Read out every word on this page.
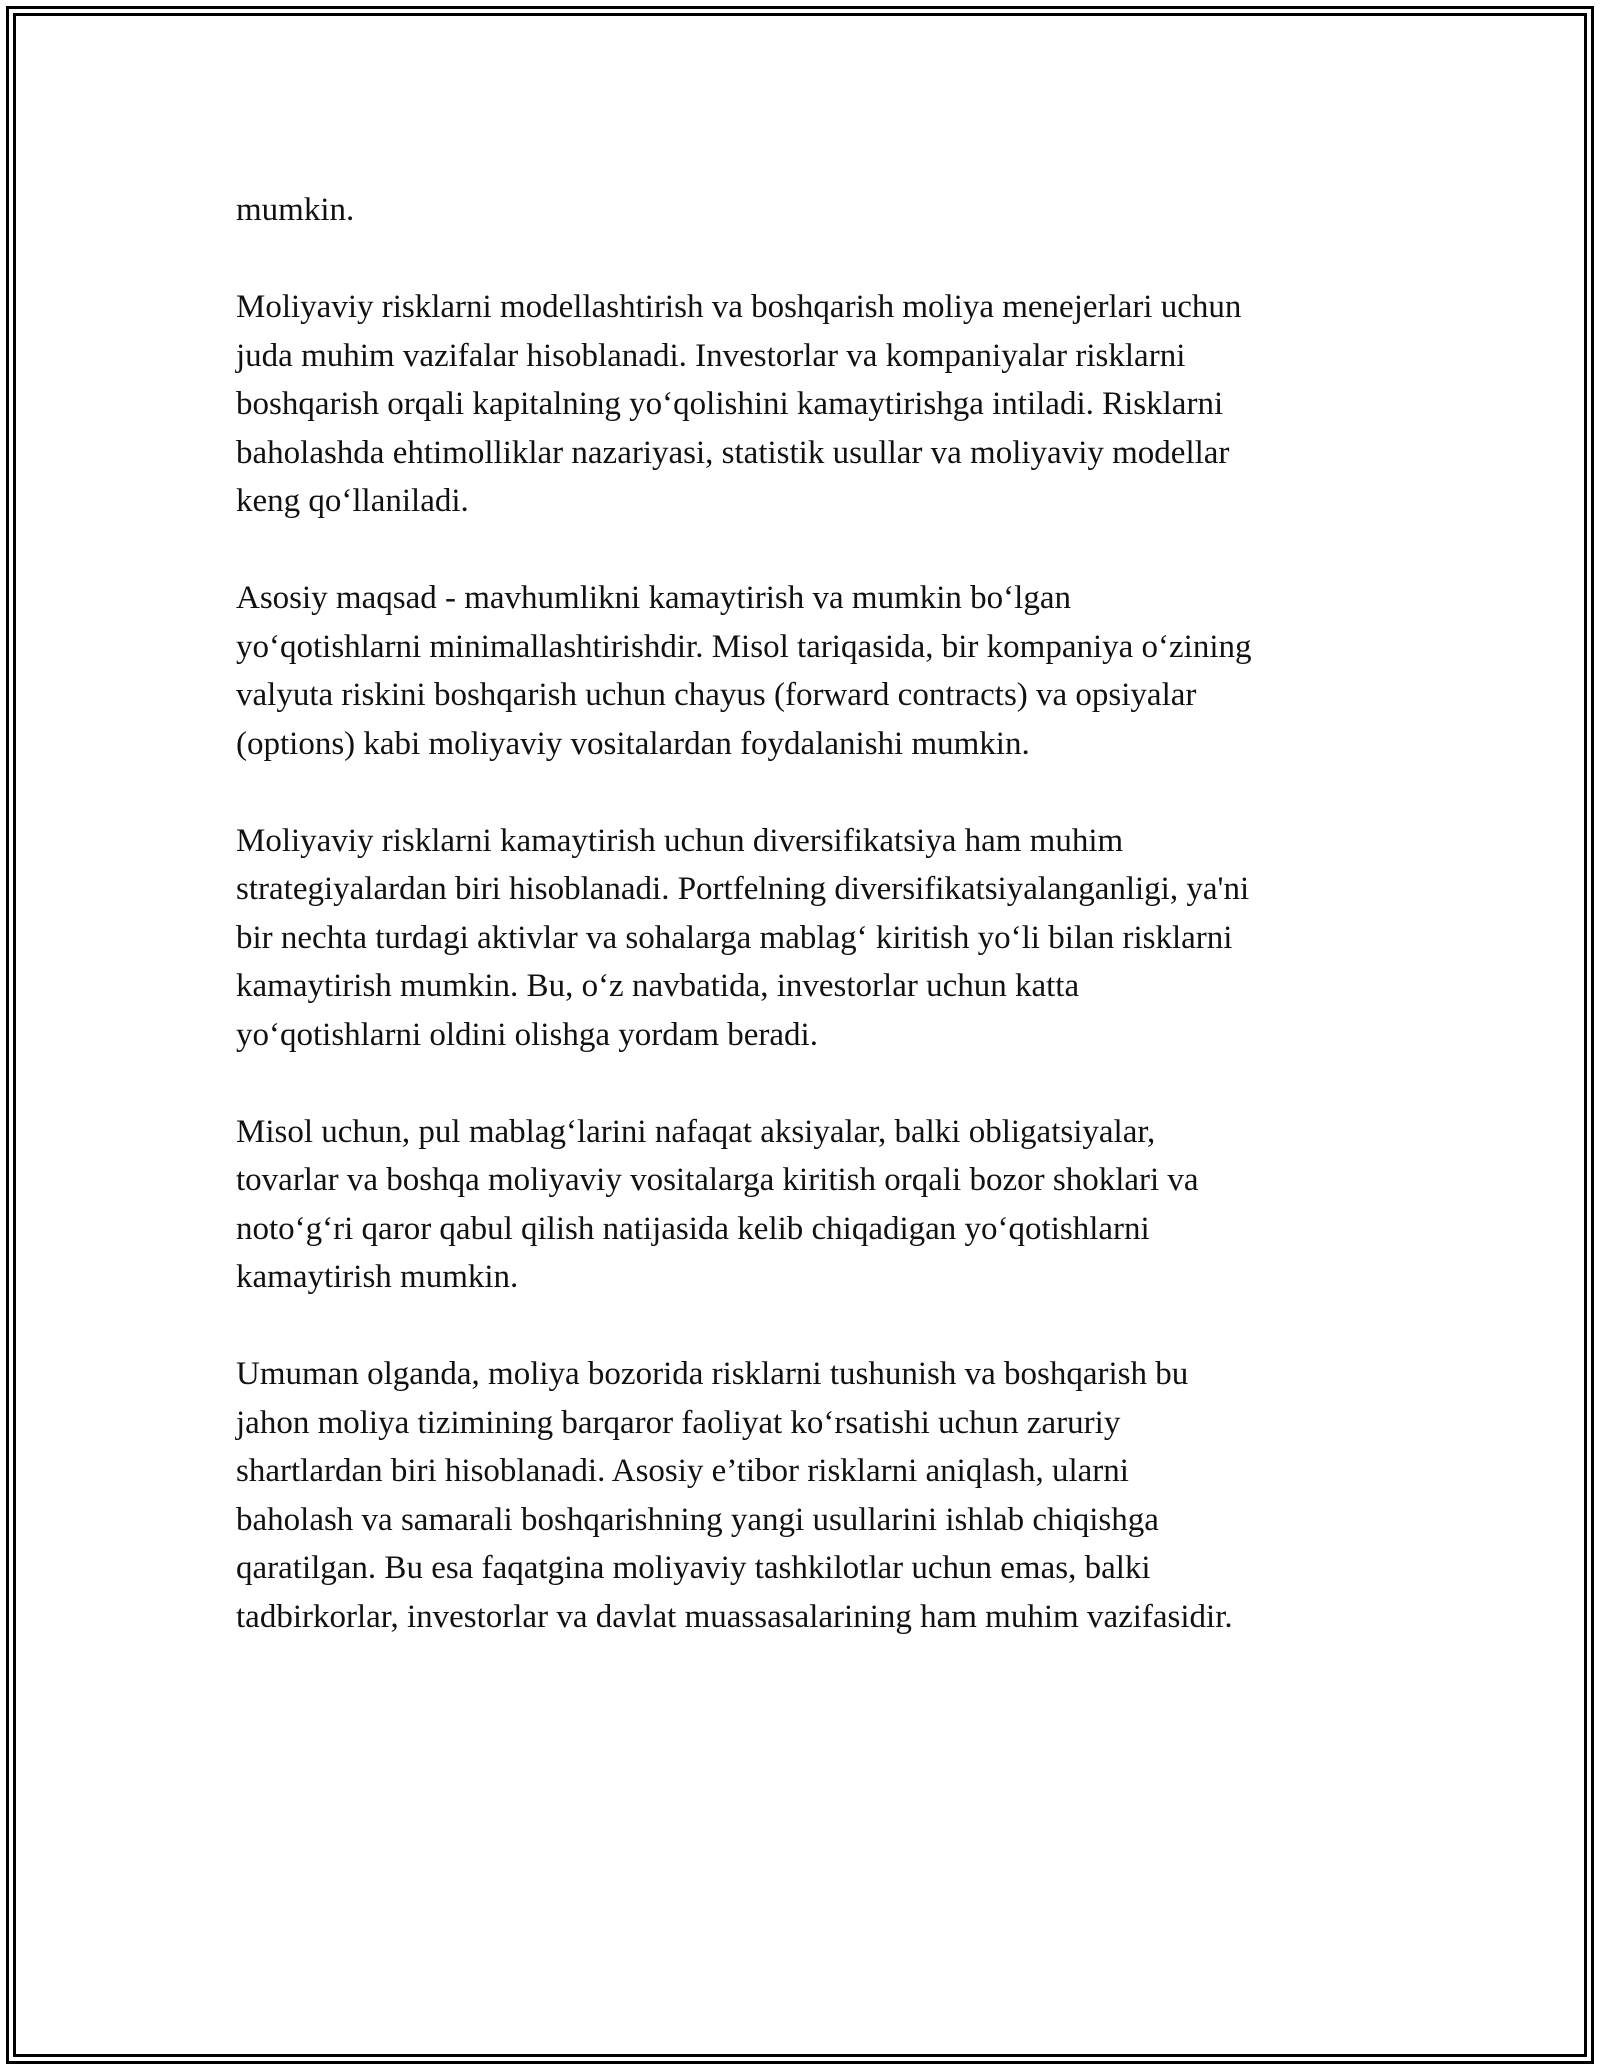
mumkin.

Moliyaviy risklarni modellashtirish va boshqarish moliya menejerlari uchun
juda muhim vazifalar hisoblanadi. Investorlar va kompaniyalar risklarni
boshqarish orqali kapitalning yo‘qolishini kamaytirishga intiladi. Risklarni
baholashda ehtimolliklar nazariyasi, statistik usullar va moliyaviy modellar
keng qo‘llaniladi.

Asosiy maqsad - mavhumlikni kamaytirish va mumkin bo‘lgan
yo‘qotishlarni minimallashtirishdir. Misol tariqasida, bir kompaniya o‘zining
valyuta riskini boshqarish uchun chayus (forward contracts) va opsiyalar
(options) kabi moliyaviy vositalardan foydalanishi mumkin.

Moliyaviy risklarni kamaytirish uchun diversifikatsiya ham muhim
strategiyalardan biri hisoblanadi. Portfelning diversifikatsiyalanganligi, ya'ni
bir nechta turdagi aktivlar va sohalarga mablag‘ kiritish yo‘li bilan risklarni
kamaytirish mumkin. Bu, o‘z navbatida, investorlar uchun katta
yo‘qotishlarni oldini olishga yordam beradi.

Misol uchun, pul mablag‘larini nafaqat aksiyalar, balki obligatsiyalar,
tovarlar va boshqa moliyaviy vositalarga kiritish orqali bozor shoklari va
noto‘g‘ri qaror qabul qilish natijasida kelib chiqadigan yo‘qotishlarni
kamaytirish mumkin.

Umuman olganda, moliya bozorida risklarni tushunish va boshqarish bu
jahon moliya tizimining barqaror faoliyat ko‘rsatishi uchun zaruriy
shartlardan biri hisoblanadi. Asosiy e’tibor risklarni aniqlash, ularni
baholash va samarali boshqarishning yangi usullarini ishlab chiqishga
qaratilgan. Bu esa faqatgina moliyaviy tashkilotlar uchun emas, balki
tadbirkorlar, investorlar va davlat muassasalarining ham muhim vazifasidir.
